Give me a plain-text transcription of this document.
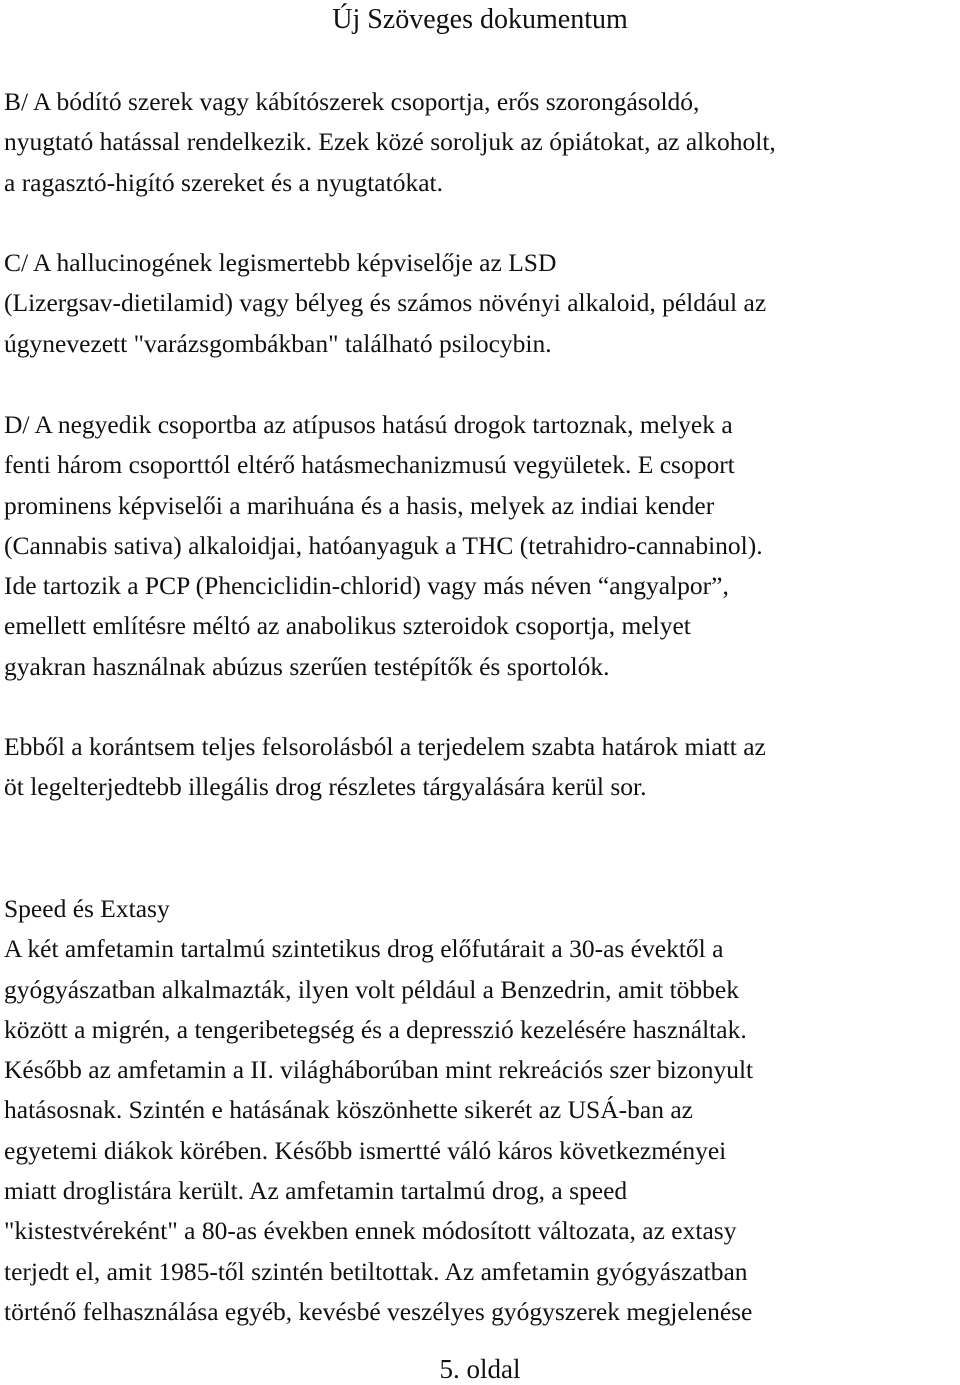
Új Szöveges dokumentum
B/ A bódító szerek vagy kábítószerek csoportja, erős szorongásoldó,
nyugtató hatással rendelkezik. Ezek közé soroljuk az ópiátokat, az alkoholt,
a ragasztó-higító szereket és a nyugtatókat.
C/ A hallucinogének legismertebb képviselője az LSD
(Lizergsav-dietilamid) vagy bélyeg és számos növényi alkaloid, például az
úgynevezett "varázsgombákban" található psilocybin.
D/ A negyedik csoportba az atípusos hatású drogok tartoznak, melyek a
fenti három csoporttól eltérő hatásmechanizmusú vegyületek. E csoport
prominens képviselői a marihuána és a hasis, melyek az indiai kender
(Cannabis sativa) alkaloidjai, hatóanyaguk a THC (tetrahidro-cannabinol).
Ide tartozik a PCP (Phenciclidin-chlorid) vagy más néven “angyalpor”,
emellett említésre méltó az anabolikus szteroidok csoportja, melyet
gyakran használnak abúzus szerűen testépítők és sportolók.
Ebből a korántsem teljes felsorolásból a terjedelem szabta határok miatt az
öt legelterjedtebb illegális drog részletes tárgyalására kerül sor.
Speed és Extasy
A két amfetamin tartalmú szintetikus drog előfutárait a 30-as évektől a
gyógyászatban alkalmazták, ilyen volt például a Benzedrin, amit többek
között a migrén, a tengeribetegség és a depresszió kezelésére használtak.
Később az amfetamin a II. világháborúban mint rekreációs szer bizonyult
hatásosnak. Szintén e hatásának köszönhette sikerét az USÁ-ban az
egyetemi diákok körében. Később ismertté váló káros következményei
miatt droglistára került. Az amfetamin tartalmú drog, a speed
"kistestvéreként" a 80-as években ennek módosított változata, az extasy
terjedt el, amit 1985-től szintén betiltottak. Az amfetamin gyógyászatban
történő felhasználása egyéb, kevésbé veszélyes gyógyszerek megjelenése
5. oldal
